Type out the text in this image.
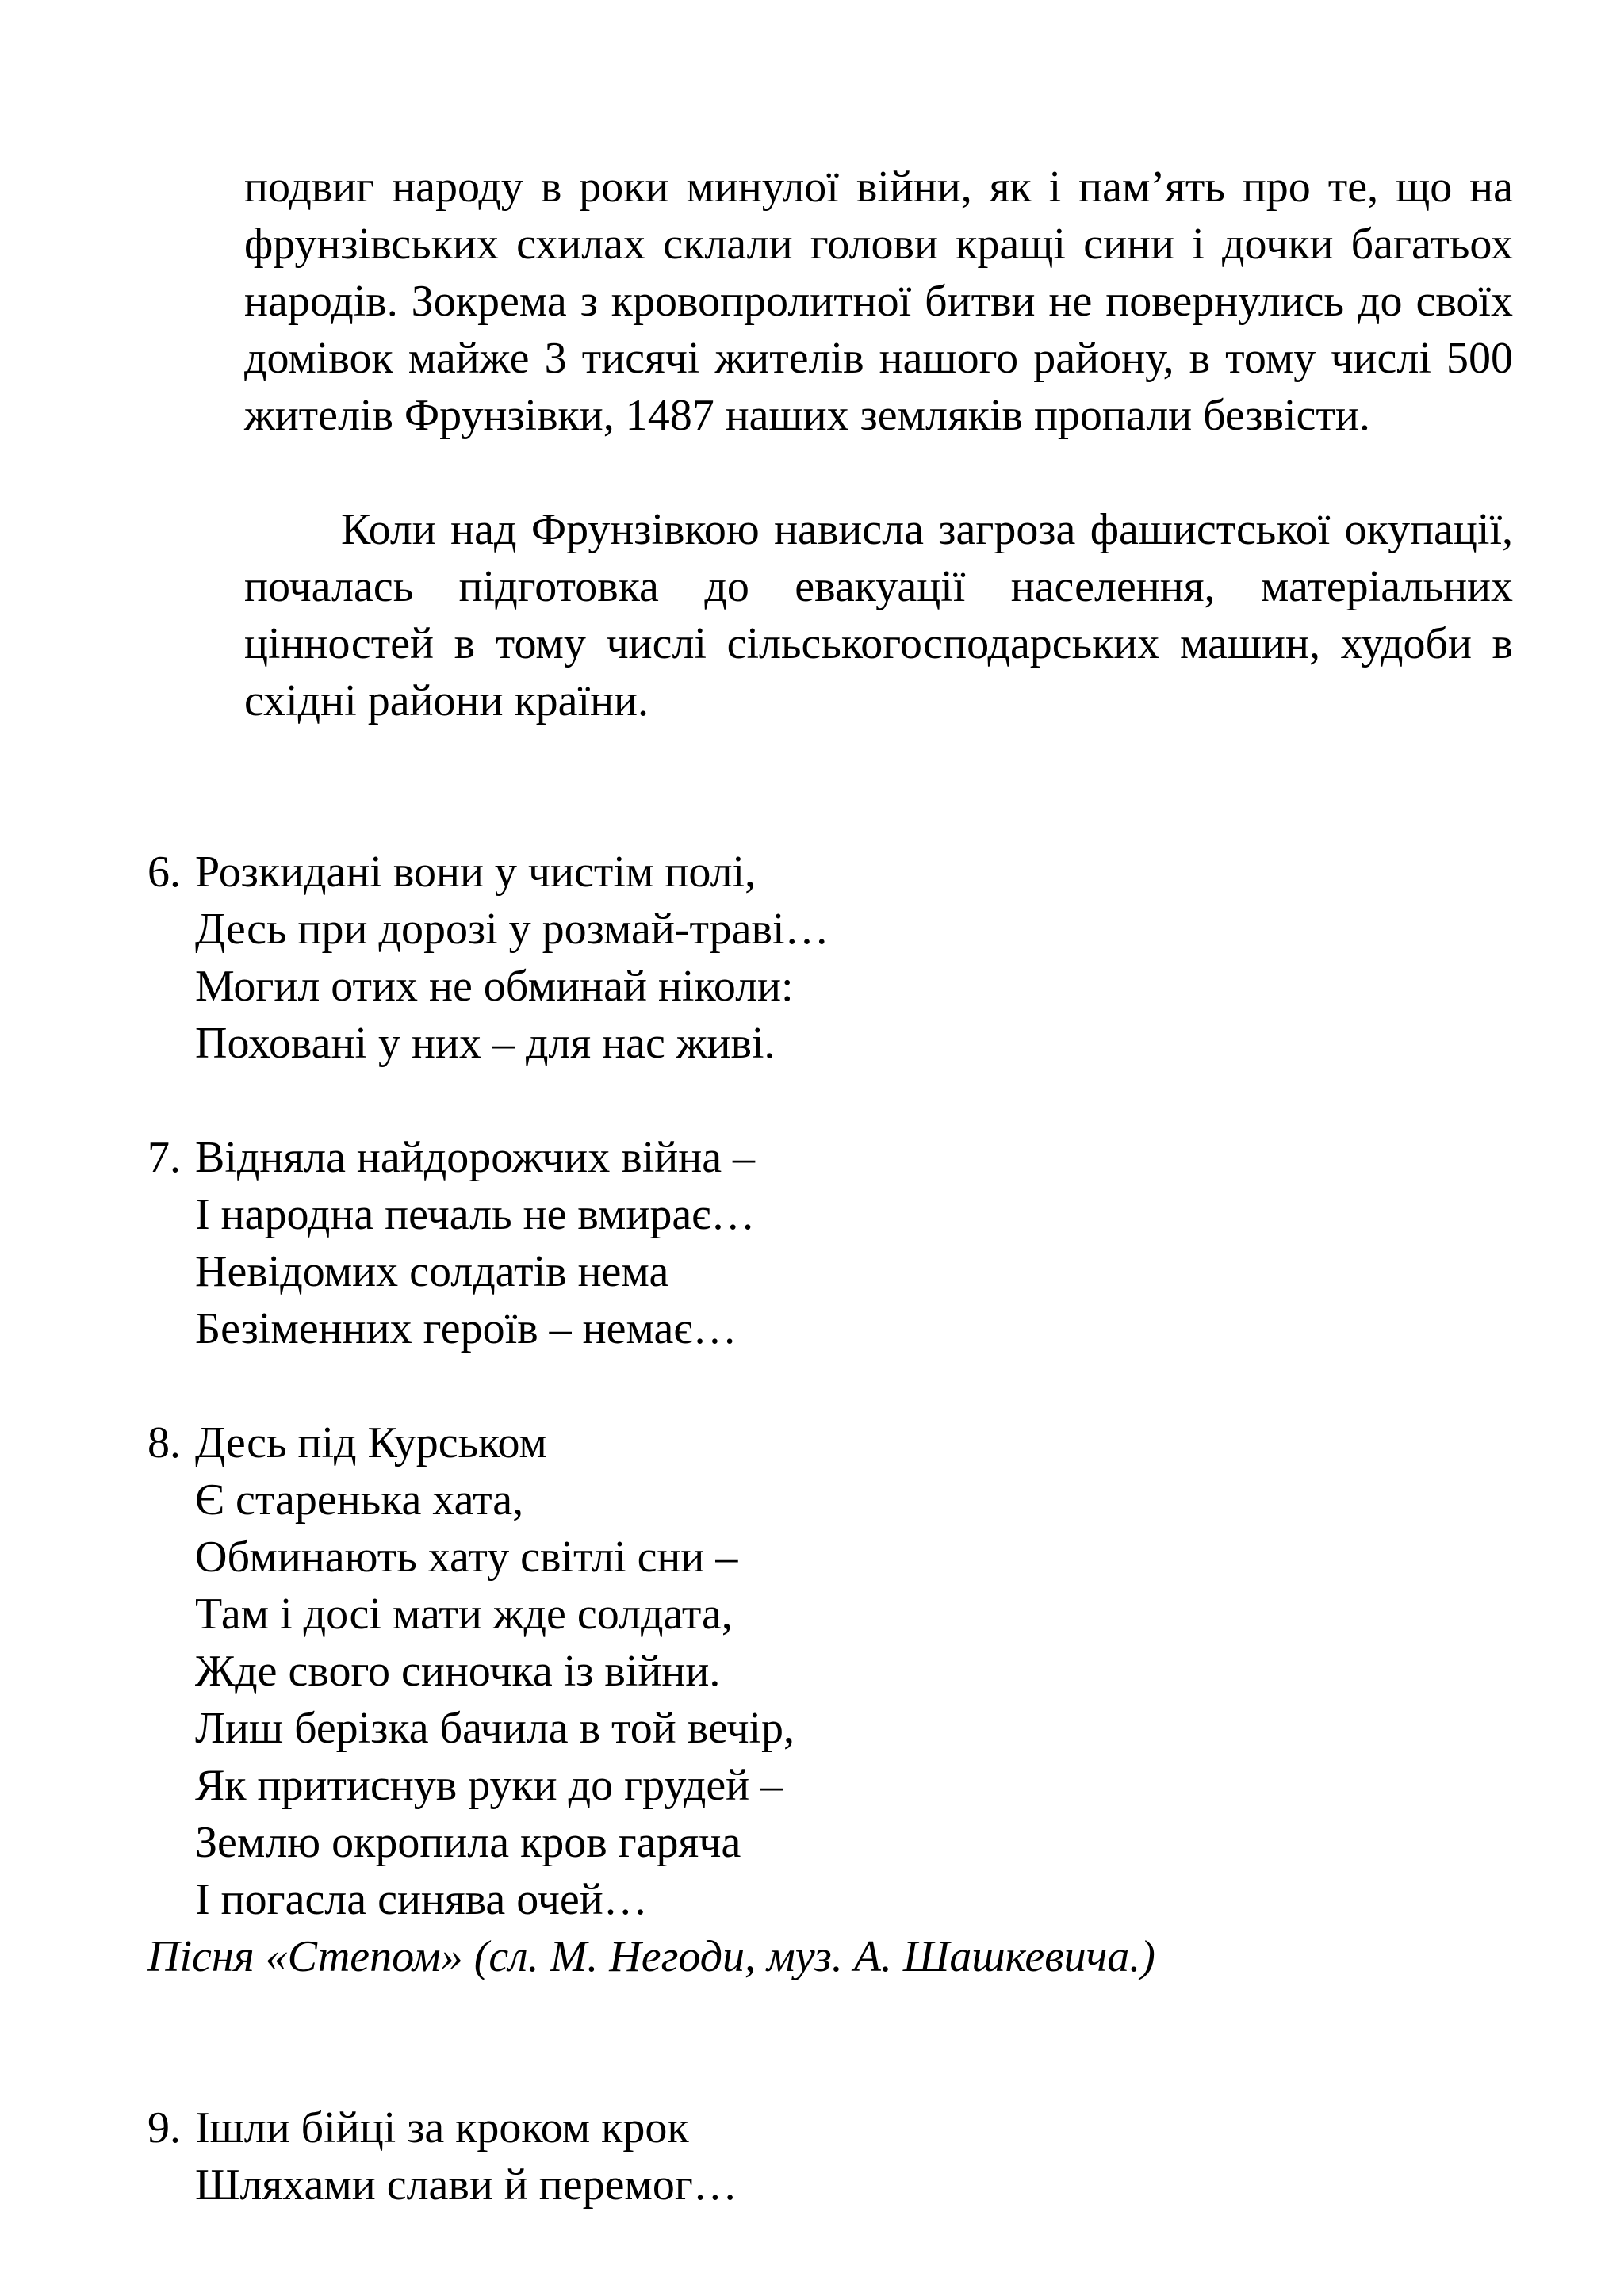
подвиг народу в роки минулої війни, як і пам’ять про те, що на фрунзівських схилах склали голови кращі сини і дочки багатьох народів. Зокрема з кровопролитної битви не повернулись до своїх домівок майже 3 тисячі жителів нашого району, в тому числі 500 жителів Фрунзівки, 1487 наших земляків пропали безвісти.

Коли над Фрунзівкою нависла загроза фашистської окупації, почалась підготовка до евакуації населення, матеріальних цінностей в тому числі сільськогосподарських машин, худоби в східні райони країни.

6. Розкидані вони у чистім полі,
Десь при дорозі у розмай-траві…
Могил отих не обминай ніколи:
Поховані у них – для нас живі.
7. Відняла найдорожчих війна –
І народна печаль не вмирає…
Невідомих солдатів нема
Безіменних героїв – немає…
8. Десь під Курськом
Є старенька хата,
Обминають хату світлі сни –
Там і досі мати жде солдата,
Жде свого синочка із війни.
Лиш берізка бачила в той вечір,
Як притиснув руки до грудей –
Землю окропила кров гаряча
І погасла синява очей…
Пісня «Степом» (сл. М. Негоди, муз. А. Шашкевича.)
9. Ішли бійці за кроком крок
Шляхами слави й перемог…
